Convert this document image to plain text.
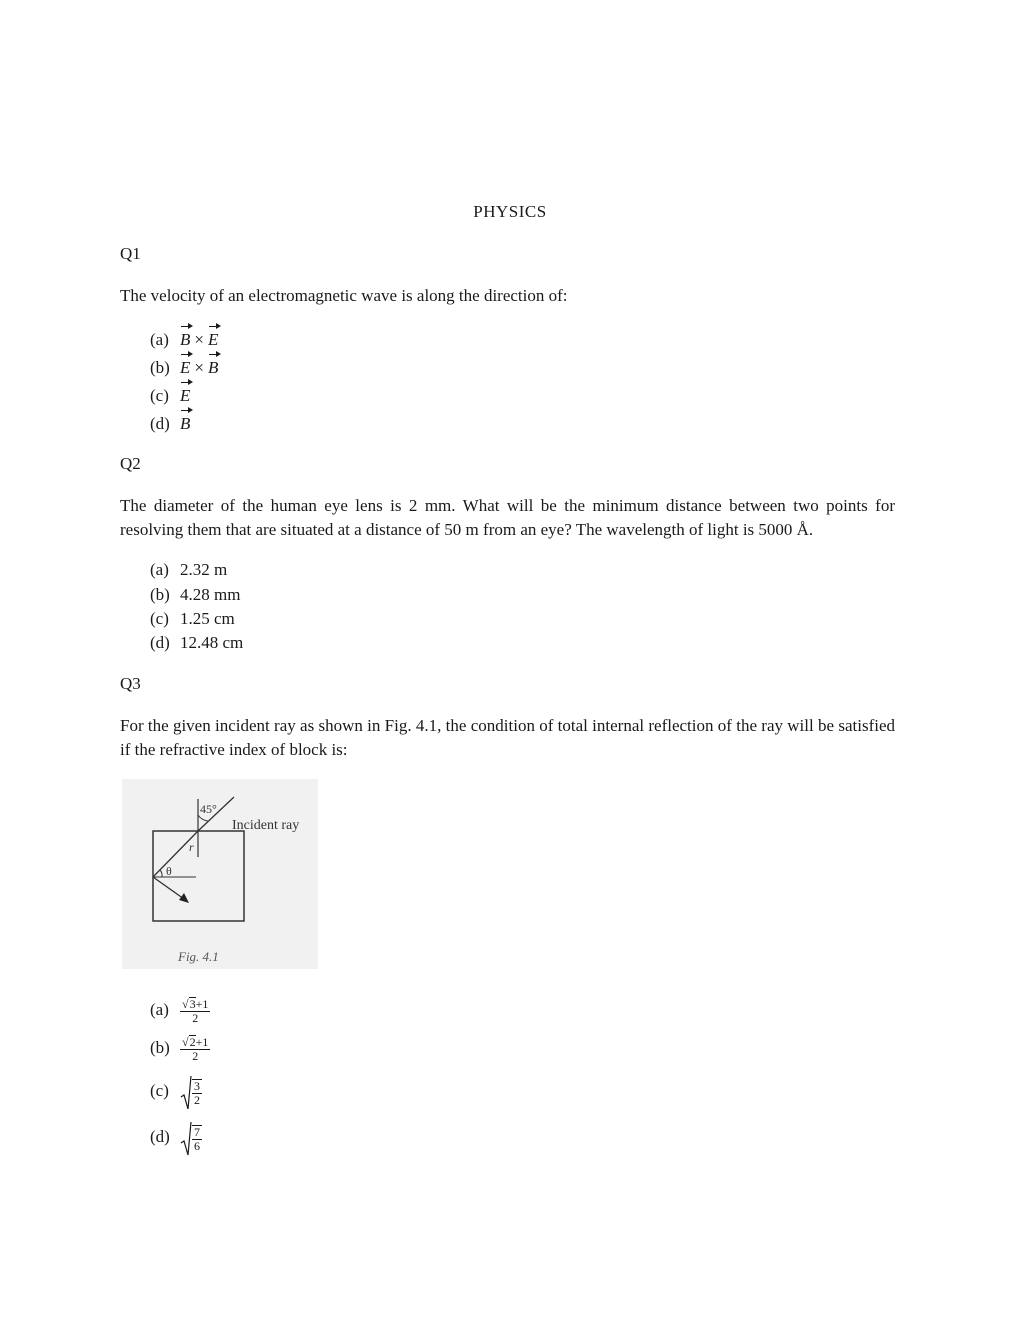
PHYSICS
Q1
The velocity of an electromagnetic wave is along the direction of:
(a) B × E
(b) E × B
(c) E
(d) B
Q2
The diameter of the human eye lens is 2 mm. What will be the minimum distance between two points for resolving them that are situated at a distance of 50 m from an eye? The wavelength of light is 5000 Å.
(a) 2.32 m
(b) 4.28 mm
(c) 1.25 cm
(d) 12.48 cm
Q3
For the given incident ray as shown in Fig. 4.1, the condition of total internal reflection of the ray will be satisfied if the refractive index of block is:
45°
Incident ray
r
θ
Fig. 4.1
$(a) \frac{√3+1}{2}$
$(b) \frac{√2+1}{2}$
$(c) \frac{3}{2}$
$(d) \frac{7}{6}$
